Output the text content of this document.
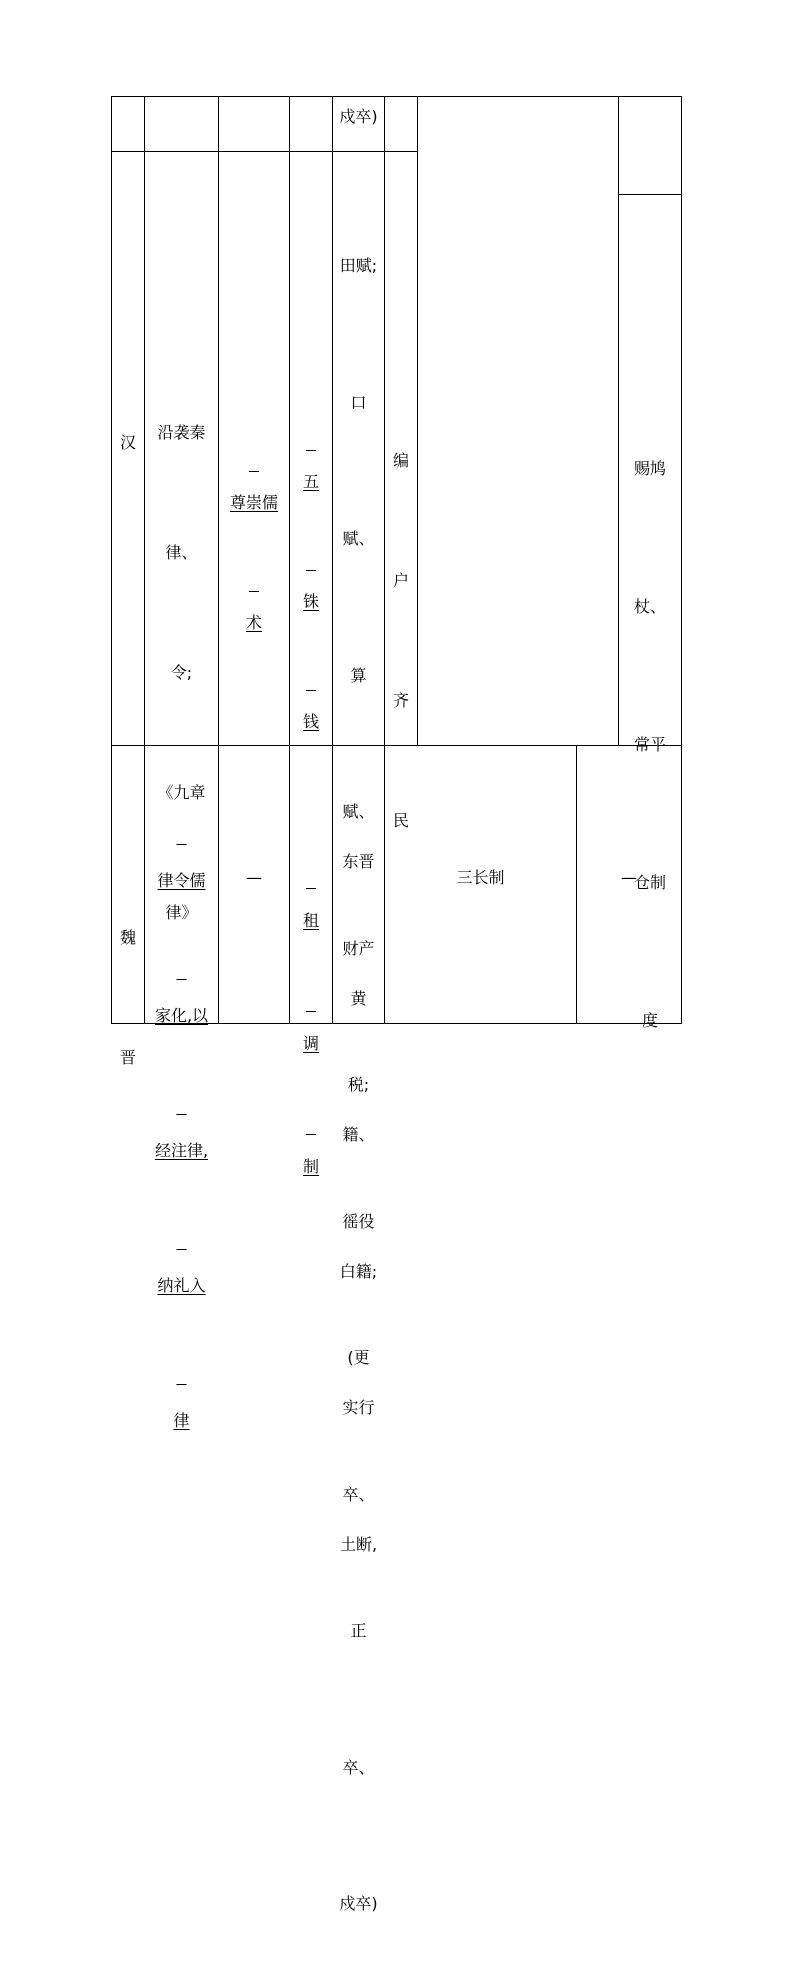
戍卒)
汉

沿袭秦

律、

令;

《九章

律》

尊崇儒

术

五

铢

钱

田赋;

口

赋、

算

赋、

财产

税;

徭役

(更

卒、

正

卒、

戍卒)

编

户

齐

民

赐鸠

杖、

常平

仓制

度

魏

晋

律令儒

家化,以

经注律,

纳礼入

律

—

租

调

制

东晋

黄

籍、

白籍;

实行

土断,

三长制	—
